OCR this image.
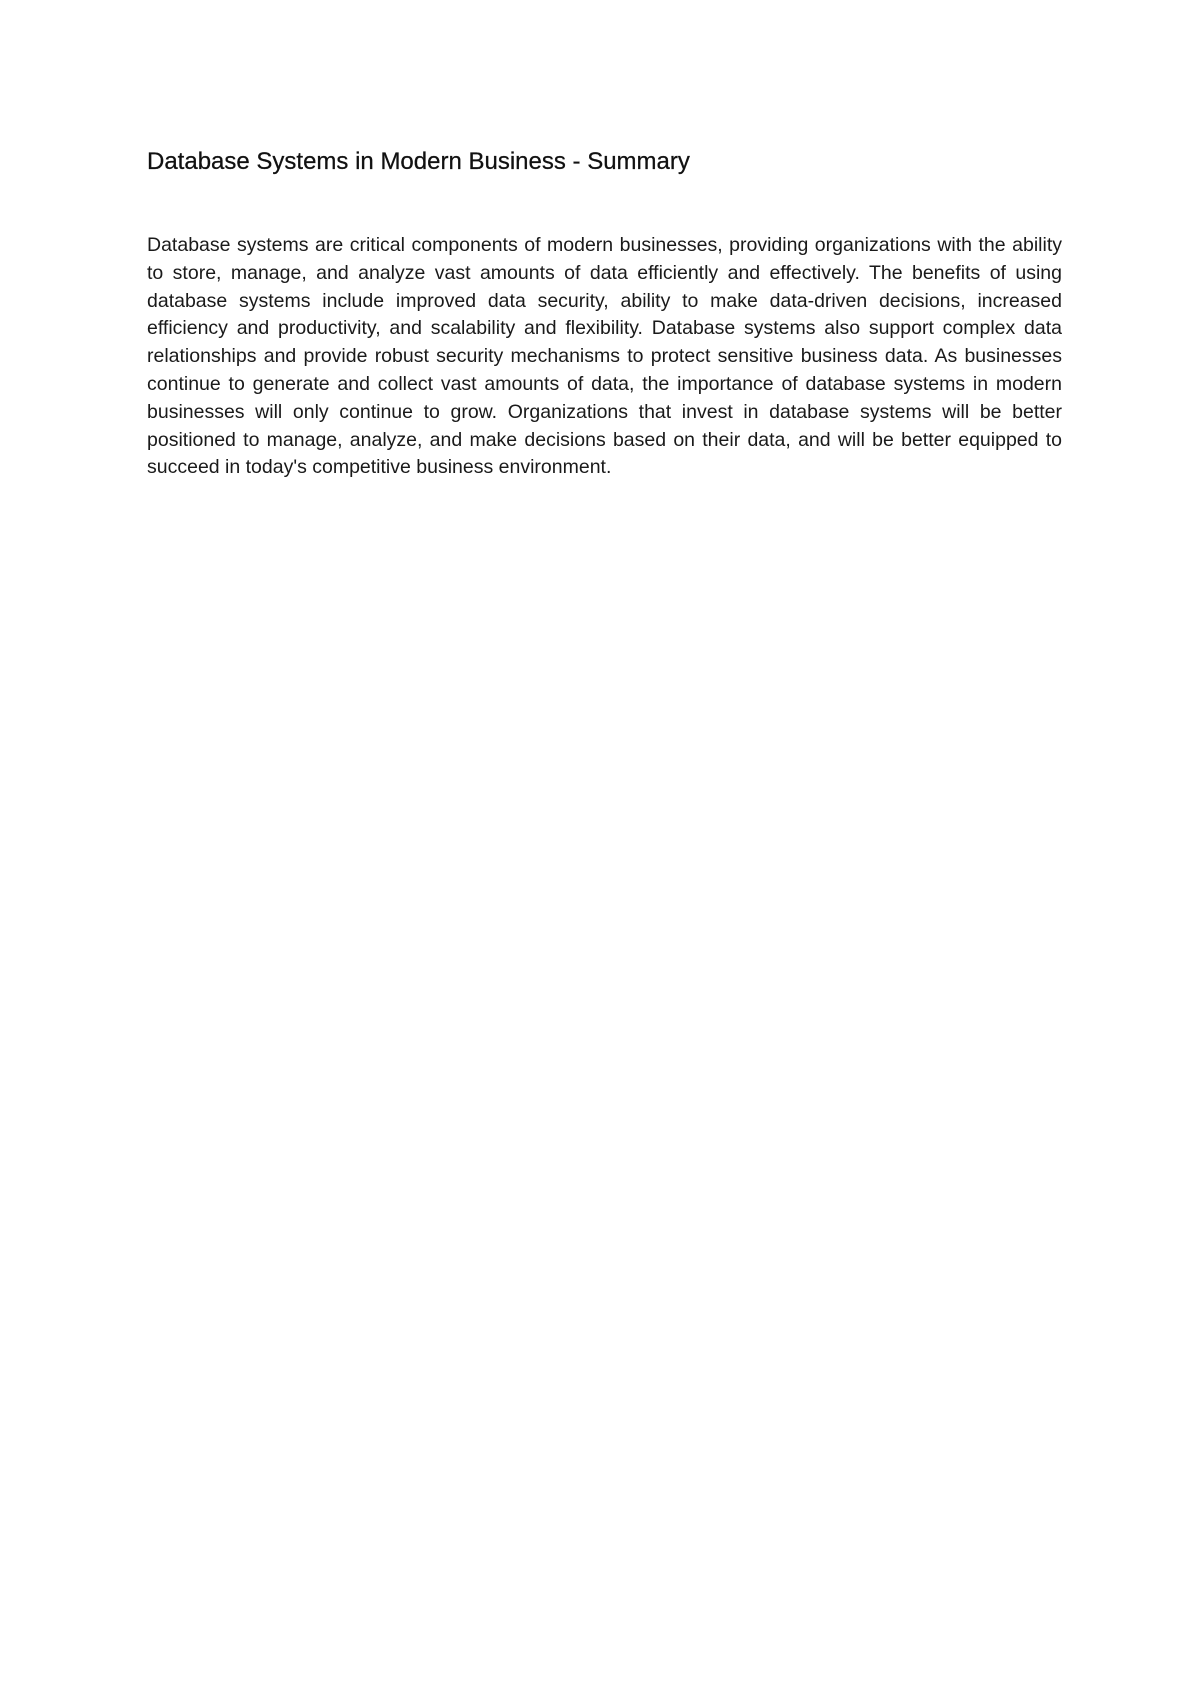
Database Systems in Modern Business - Summary

Database systems are critical components of modern businesses, providing organizations with the ability to store, manage, and analyze vast amounts of data efficiently and effectively. The benefits of using database systems include improved data security, ability to make data-driven decisions, increased efficiency and productivity, and scalability and flexibility. Database systems also support complex data relationships and provide robust security mechanisms to protect sensitive business data. As businesses continue to generate and collect vast amounts of data, the importance of database systems in modern businesses will only continue to grow. Organizations that invest in database systems will be better positioned to manage, analyze, and make decisions based on their data, and will be better equipped to succeed in today's competitive business environment.
